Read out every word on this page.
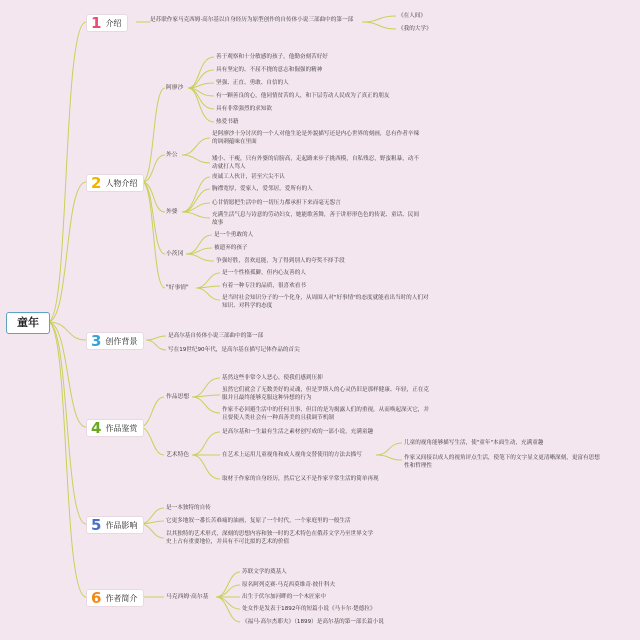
童年
1 介绍	是苏联作家马克西姆·高尔基以自身经历为原型创作的自传体小说三部曲中的第一部
《在人间》
《我的大学》
2 人物介绍
阿廖沙
善于观察和十分敏感的孩子，他勤奋刻苦好好
具有坚定的、不屈不挠的意志和倔强的精神
坚强、正直、勇敢、自信的人
有一颗善良的心，他同情贫苦的人，和下层劳动人民成为了真正的朋友
具有非常强烈的求知欲
热爱书籍
外公
是阿廖沙十分讨厌的一个人对他生论是外貌描写还是内心世界的刻画，总有作者辛辣的讽刺蕴味在里面
矮小、干瘦，只有外婆的肩膀高，走起路来步子挑西模，自私残忍，野蛮粗暴，动不动就打人骂人
外婆
虔诚工人伙计，甚至穴尖不认
胸襟宽厚，爱家人，爱邻居，爱所有的人
心甘情愿把生活中的一切压力都承担下来而毫无怨言
充满生活气息与诗意的劳动妇女，她能歌善舞，善于讲形形色色的传说、童话、民间故事
小茨冈
是一个勇敢的人
被遗弃的孩子
争强好胜，喜欢逗能，为了得到别人的夸奖不择手段
"好事情"
是一个性格孤僻，但内心友善的人
有着一种专注的品质，很喜欢看书
是当时社会知识分子的一个化身，从周围人对"好事情"的态度就能看出当时的人们对知识、对科学的态度
3 创作背景
是高尔基自传体小说三部曲中的第一部
写在19世纪90年代，是高尔基在描写记体作品的首尖
4 作品鉴赏
作品思想
基然这些非常令人恶心，使我们感到压抑
虽然它们就会了无数美好的灵魂，但是罗斯人的心灵仍旧是那样健康、年轻，正在克服并且最终能够克服这种异想的行为
作家不必回避生活中的任何丑事，但目的是为揭露人们的重视，从而唤起深灭它，并且要使人类社会有一种真善美的且我调节机制
艺术特色
是高尔基和一生最有生活之素材创写成的一部小说，充满童趣
在艺术上运用儿童视角和成人视角交替使用的方法去描写
取材于作家的自身经历，然后它又不是作家平常生活的简单再现
儿童的视角能够描写生活，使"童年"本面生动，充满童趣
作家又间接以成人的视角评点生活，使笔下的文字显文更清晰深刻，更富有思想性和哲理性
5 作品影响
是一本独特的自传
它更多地叙一番长苦难痛的油画，复原了一个时代，一个家庭里的一般生活
以其独特的艺术形式，深刻的思想内容和独一时的艺术特色在俄苏文学乃至世界文学史上占有重要地位，并具有不可比拟的艺术的价值
6 作者简介	马克西姆·高尔基
苏联文学的奠基人
原名阿列克赛·马克西莫维奇·彼什科夫
出生于伏尔加河畔的一个木匠家中
处女作是发表于1892年的短篇小说《马卡尔·楚德拉》
《福马·高尔杰耶夫》（1899）是高尔基的第一部长篇小说
